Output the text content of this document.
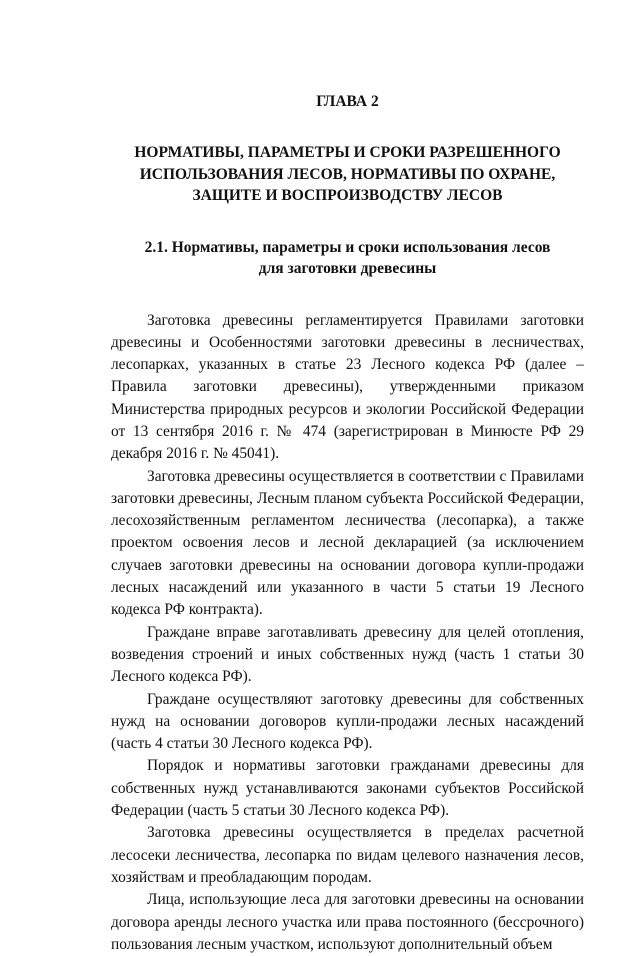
ГЛАВА 2
НОРМАТИВЫ, ПАРАМЕТРЫ И СРОКИ РАЗРЕШЕННОГО
ИСПОЛЬЗОВАНИЯ ЛЕСОВ, НОРМАТИВЫ ПО ОХРАНЕ,
ЗАЩИТЕ И ВОСПРОИЗВОДСТВУ ЛЕСОВ
2.1. Нормативы, параметры и сроки использования лесов
для заготовки древесины

Заготовка древесины регламентируется Правилами заготовки древесины и Особенностями заготовки древесины в лесничествах, лесопарках, указанных в статье 23 Лесного кодекса РФ (далее – Правила заготовки древесины), утвержденными приказом Министерства природных ресурсов и экологии Российской Федерации от 13 сентября 2016 г. № 474 (зарегистрирован в Минюсте РФ 29 декабря 2016 г. № 45041).

Заготовка древесины осуществляется в соответствии с Правилами заготовки древесины, Лесным планом субъекта Российской Федерации, лесохозяйственным регламентом лесничества (лесопарка), а также проектом освоения лесов и лесной декларацией (за исключением случаев заготовки древесины на основании договора купли-продажи лесных насаждений или указанного в части 5 статьи 19 Лесного кодекса РФ контракта).

Граждане вправе заготавливать древесину для целей отопления, возведения строений и иных собственных нужд (часть 1 статьи 30 Лесного кодекса РФ).

Граждане осуществляют заготовку древесины для собственных нужд на основании договоров купли-продажи лесных насаждений (часть 4 статьи 30 Лесного кодекса РФ).

Порядок и нормативы заготовки гражданами древесины для собственных нужд устанавливаются законами субъектов Российской Федерации (часть 5 статьи 30 Лесного кодекса РФ).

Заготовка древесины осуществляется в пределах расчетной лесосеки лесничества, лесопарка по видам целевого назначения лесов, хозяйствам и преобладающим породам.

Лица, использующие леса для заготовки древесины на основании договора аренды лесного участка или права постоянного (бессрочного) пользования лесным участком, используют дополнительный объем
